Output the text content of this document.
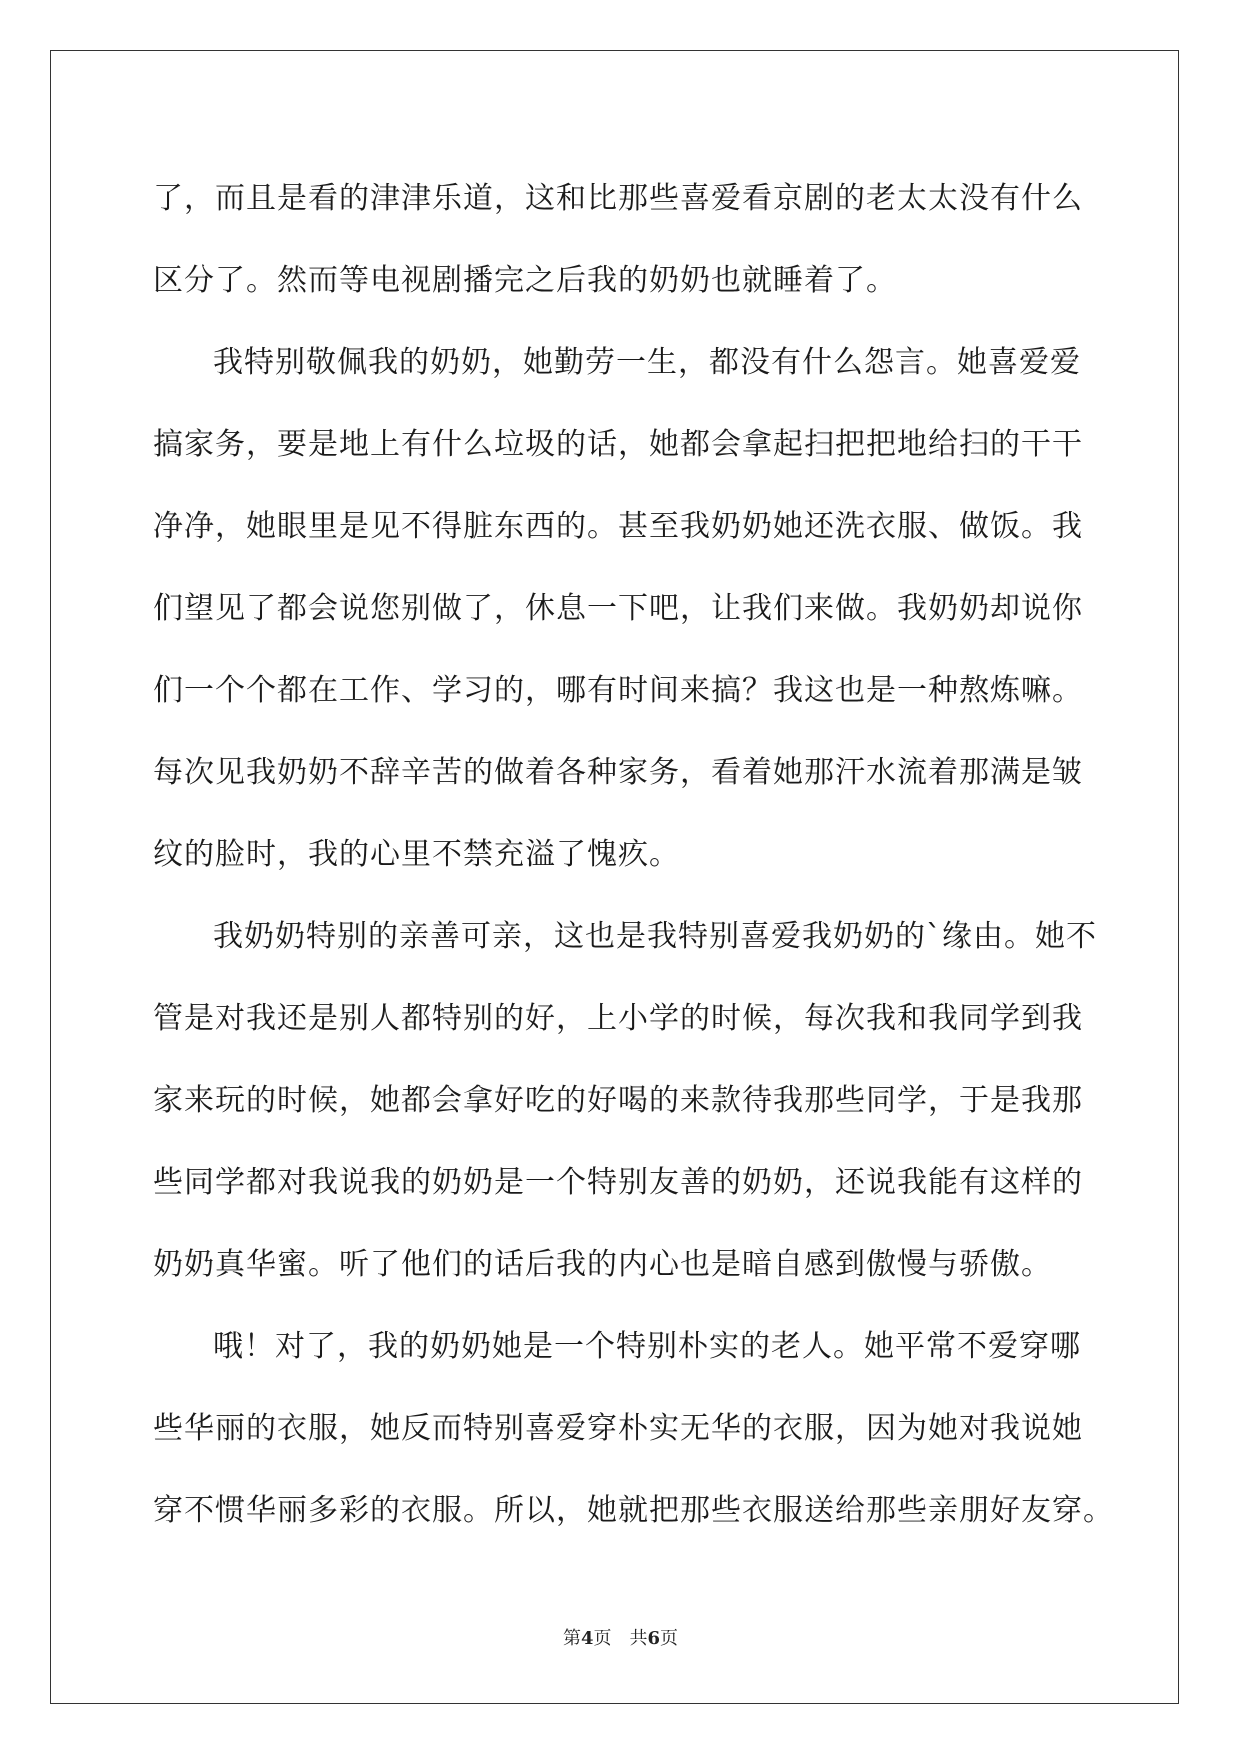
了，而且是看的津津乐道，这和比那些喜爱看京剧的老太太没有什么
区分了。然而等电视剧播完之后我的奶奶也就睡着了。
我特别敬佩我的奶奶，她勤劳一生，都没有什么怨言。她喜爱爱
搞家务，要是地上有什么垃圾的话，她都会拿起扫把把地给扫的干干
净净，她眼里是见不得脏东西的。甚至我奶奶她还洗衣服、做饭。我
们望见了都会说您别做了，休息一下吧，让我们来做。我奶奶却说你
们一个个都在工作、学习的，哪有时间来搞？我这也是一种熬炼嘛。
每次见我奶奶不辞辛苦的做着各种家务，看着她那汗水流着那满是皱
纹的脸时，我的心里不禁充溢了愧疚。
我奶奶特别的亲善可亲，这也是我特别喜爱我奶奶的`缘由。她不
管是对我还是别人都特别的好，上小学的时候，每次我和我同学到我
家来玩的时候，她都会拿好吃的好喝的来款待我那些同学，于是我那
些同学都对我说我的奶奶是一个特别友善的奶奶，还说我能有这样的
奶奶真华蜜。听了他们的话后我的内心也是暗自感到傲慢与骄傲。
哦！对了，我的奶奶她是一个特别朴实的老人。她平常不爱穿哪
些华丽的衣服，她反而特别喜爱穿朴实无华的衣服，因为她对我说她
穿不惯华丽多彩的衣服。所以，她就把那些衣服送给那些亲朋好友穿。
第4页 共6页
